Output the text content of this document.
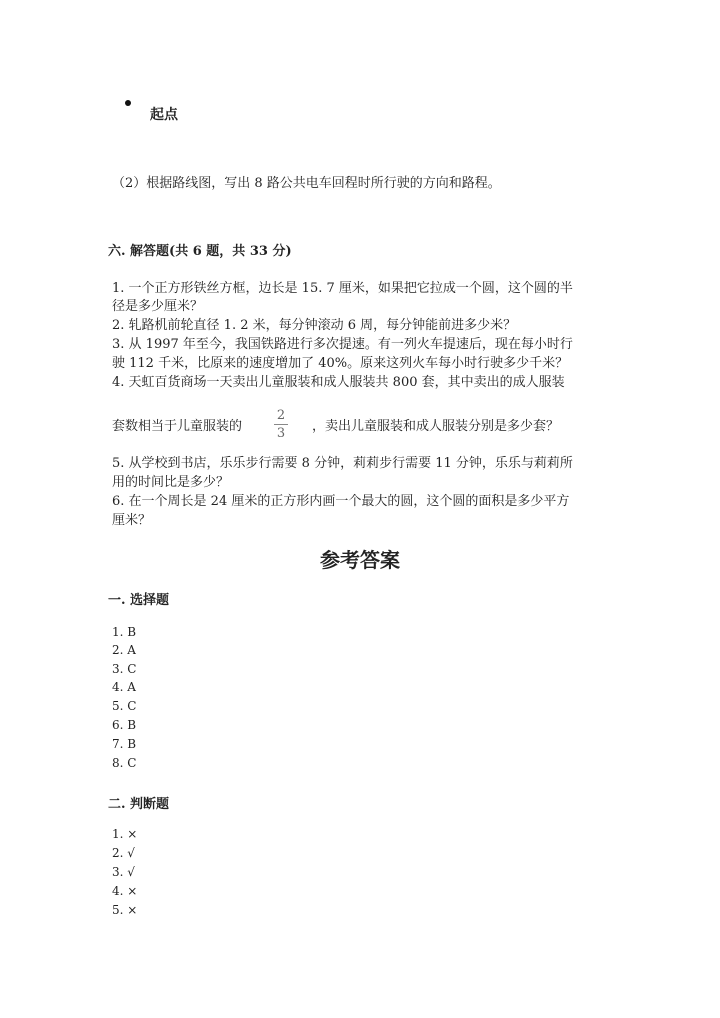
起点
（2）根据路线图，写出 8 路公共电车回程时所行驶的方向和路程。
六. 解答题(共 6 题，共 33 分)
1. 一个正方形铁丝方框，边长是 15. 7 厘米，如果把它拉成一个圆，这个圆的半
径是多少厘米？
2. 轧路机前轮直径 1. 2 米，每分钟滚动 6 周，每分钟能前进多少米？
3. 从 1997 年至今，我国铁路进行多次提速。有一列火车提速后，现在每小时行
驶 112 千米，比原来的速度增加了 40%。原来这列火车每小时行驶多少千米？
4. 天虹百货商场一天卖出儿童服装和成人服装共 800 套，其中卖出的成人服装
套数相当于儿童服装的
2
3 ，卖出儿童服装和成人服装分别是多少套？
5. 从学校到书店，乐乐步行需要 8 分钟，莉莉步行需要 11 分钟，乐乐与莉莉所
用的时间比是多少？
6. 在一个周长是 24 厘米的正方形内画一个最大的圆，这个圆的面积是多少平方
厘米？
参考答案
一. 选择题
1. B
2. A
3. C
4. A
5. C
6. B
7. B
8. C
二. 判断题
1. ×
2. √
3. √
4. ×
5. ×
